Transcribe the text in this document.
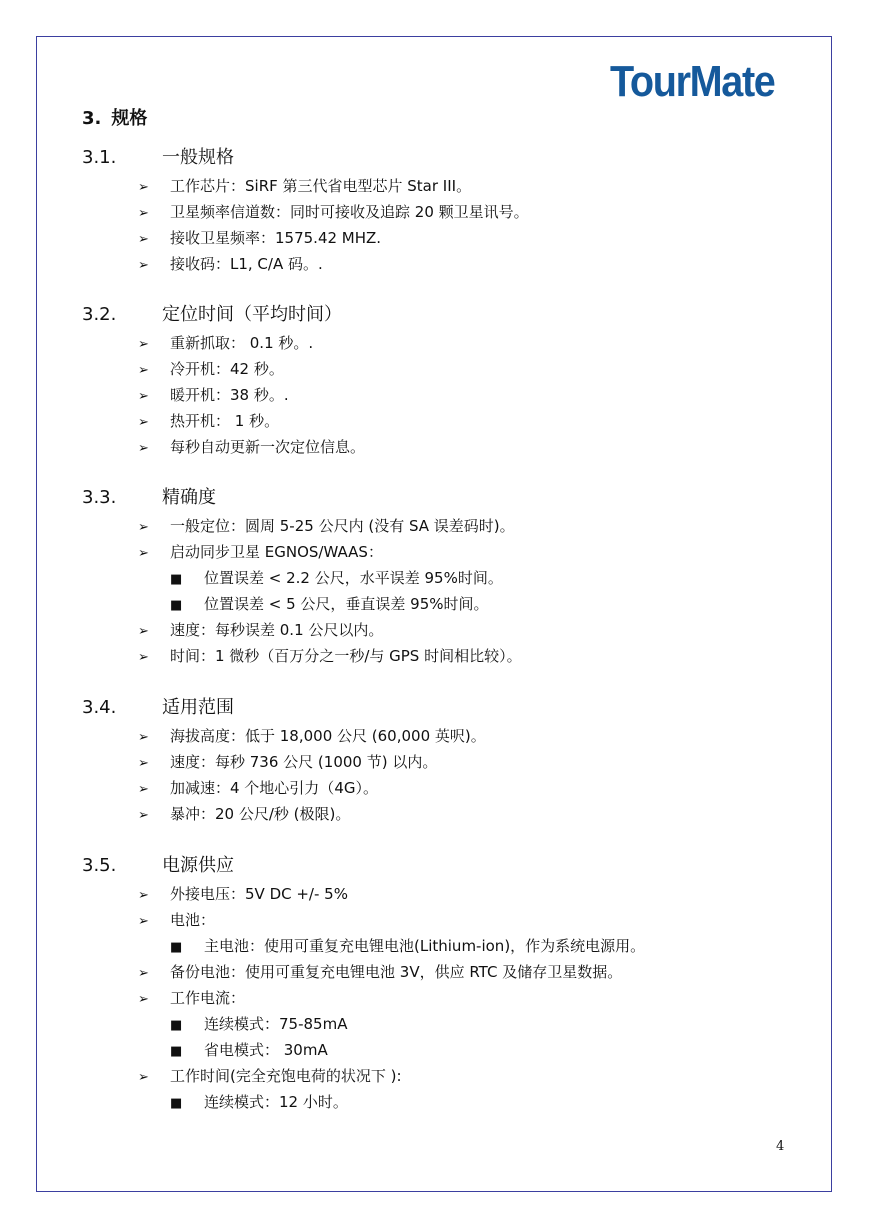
TourMate
3. 规格
3.1.	一般规格
➢ 工作芯片：SiRF 第三代省电型芯片 Star III。
➢ 卫星频率信道数：同时可接收及追踪 20 颗卫星讯号。
➢ 接收卫星频率：1575.42 MHZ.
➢ 接收码：L1, C/A 码。.
3.2.	定位时间（平均时间）
➢ 重新抓取： 0.1 秒。.
➢ 冷开机：42 秒。
➢ 暖开机：38 秒。.
➢ 热开机： 1 秒。
➢ 每秒自动更新一次定位信息。
3.3.	精确度
➢ 一般定位：圆周 5-25 公尺内 (没有 SA 误差码时)。
➢ 启动同步卫星 EGNOS/WAAS：
■ 位置误差 < 2.2 公尺，水平误差 95%时间。
■ 位置误差 < 5 公尺，垂直误差 95%时间。
➢ 速度：每秒误差 0.1 公尺以内。
➢ 时间：1 微秒（百万分之一秒/与 GPS 时间相比较）。
3.4.	适用范围
➢ 海拔高度：低于 18,000 公尺 (60,000 英呎)。
➢ 速度：每秒 736 公尺 (1000 节) 以内。
➢ 加减速：4 个地心引力（4G）。
➢ 暴冲：20 公尺/秒 (极限)。
3.5.	电源供应
➢ 外接电压：5V DC +/- 5%
➢ 电池：
■ 主电池：使用可重复充电锂电池(Lithium-ion)，作为系统电源用。
➢ 备份电池：使用可重复充电锂电池 3V，供应 RTC 及储存卫星数据。
➢ 工作电流：
■ 连续模式：75-85mA
■ 省电模式： 30mA
➢ 工作时间(完全充饱电荷的状况下 ):
■ 连续模式：12 小时。
4
